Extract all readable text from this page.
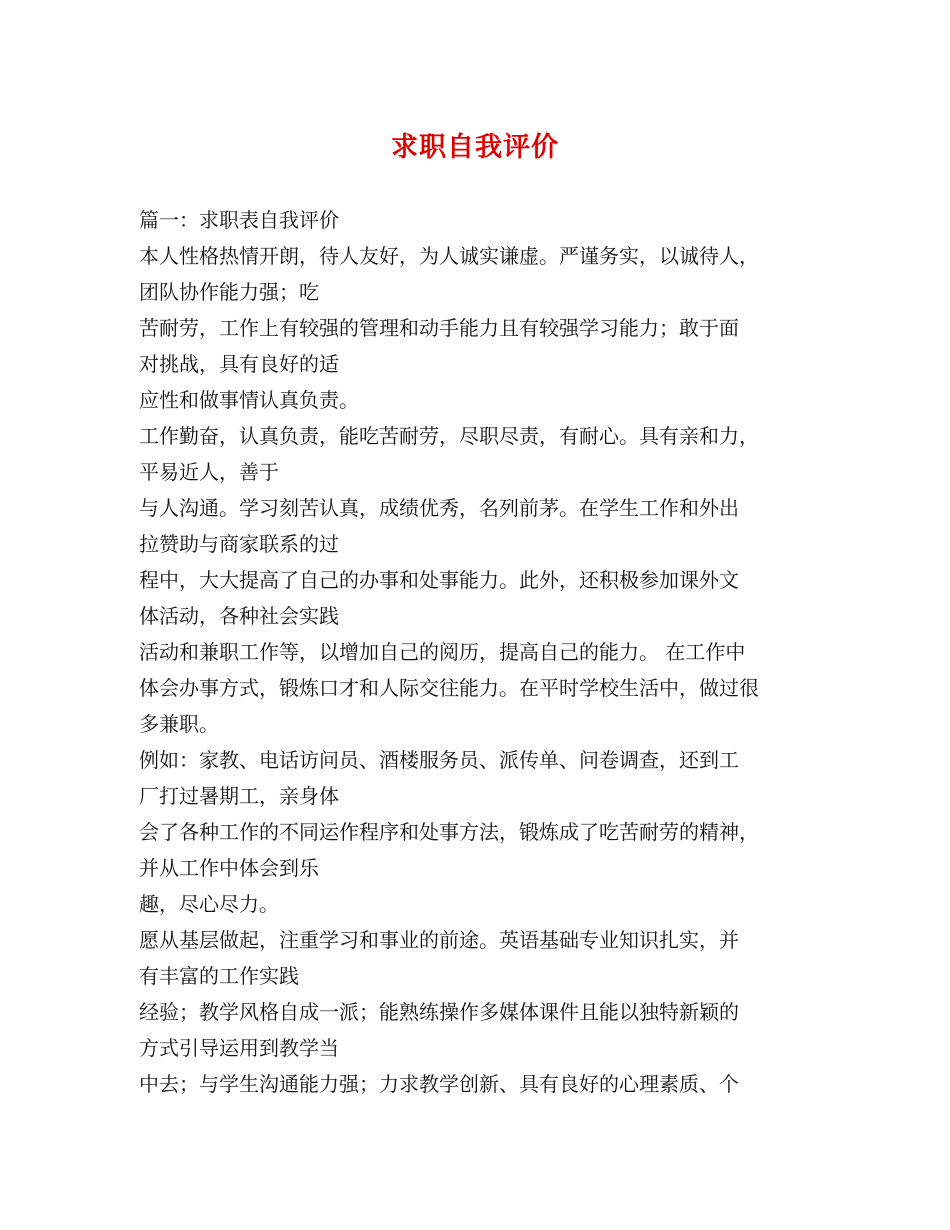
求职自我评价
篇一：求职表自我评价
本人性格热情开朗，待人友好，为人诚实谦虚。严谨务实，以诚待人，
团队协作能力强；吃
苦耐劳，工作上有较强的管理和动手能力且有较强学习能力；敢于面
对挑战，具有良好的适
应性和做事情认真负责。
工作勤奋，认真负责，能吃苦耐劳，尽职尽责，有耐心。具有亲和力，
平易近人，善于
与人沟通。学习刻苦认真，成绩优秀，名列前茅。在学生工作和外出
拉赞助与商家联系的过
程中，大大提高了自己的办事和处事能力。此外，还积极参加课外文
体活动，各种社会实践
活动和兼职工作等，以增加自己的阅历，提高自己的能力。 在工作中
体会办事方式，锻炼口才和人际交往能力。在平时学校生活中，做过很
多兼职。
例如：家教、电话访问员、酒楼服务员、派传单、问卷调查，还到工
厂打过暑期工，亲身体
会了各种工作的不同运作程序和处事方法，锻炼成了吃苦耐劳的精神，
并从工作中体会到乐
趣，尽心尽力。
愿从基层做起，注重学习和事业的前途。英语基础专业知识扎实，并
有丰富的工作实践
经验；教学风格自成一派；能熟练操作多媒体课件且能以独特新颖的
方式引导运用到教学当
中去；与学生沟通能力强；力求教学创新、具有良好的心理素质、个
